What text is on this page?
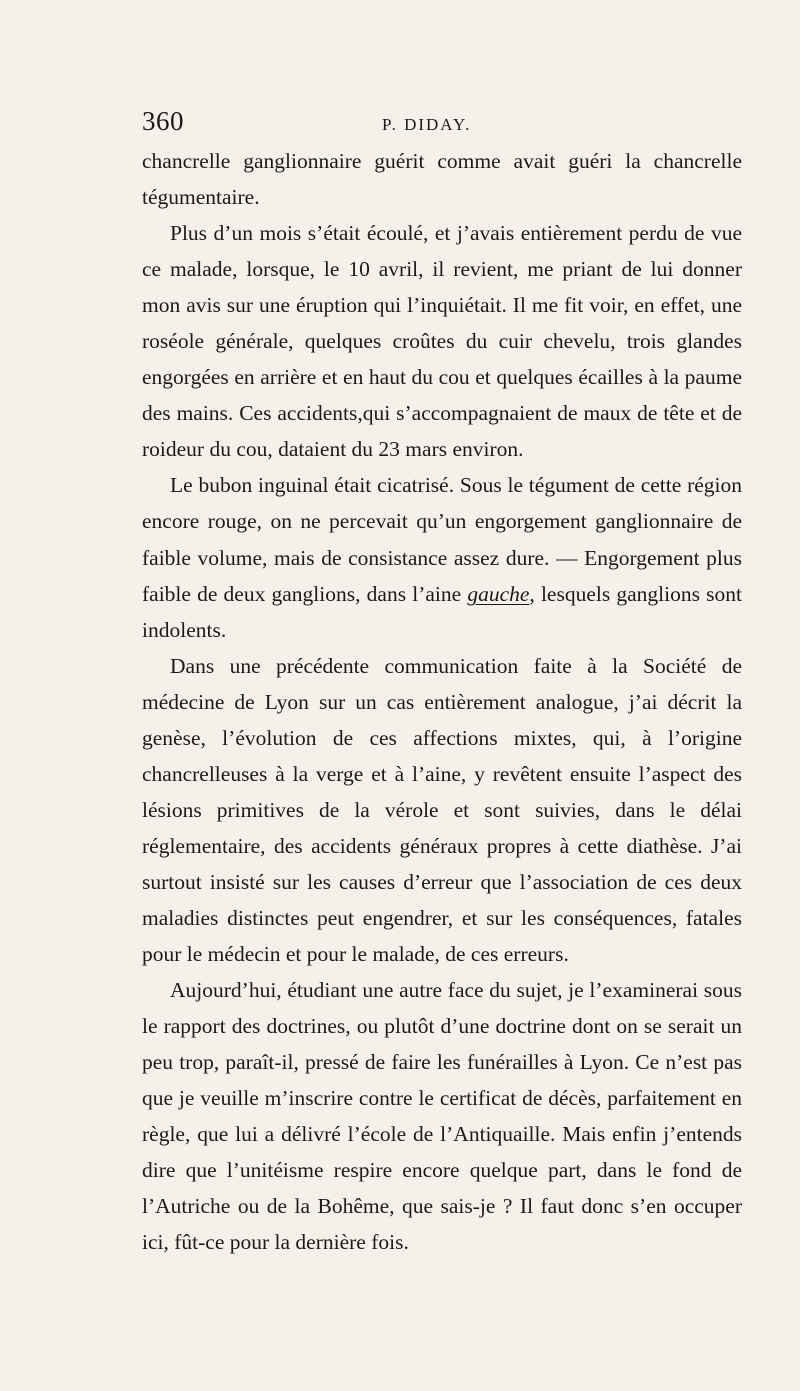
360	P. DIDAY.

chancrelle ganglionnaire guérit comme avait guéri la chancrelle tégumentaire.

Plus d’un mois s’était écoulé, et j’avais entièrement perdu de vue ce malade, lorsque, le 10 avril, il revient, me priant de lui donner mon avis sur une éruption qui l’inquiétait. Il me fit voir, en effet, une roséole générale, quelques croûtes du cuir chevelu, trois glandes engorgées en arrière et en haut du cou et quelques écailles à la paume des mains. Ces accidents,qui s’accompagnaient de maux de tête et de roideur du cou, dataient du 23 mars environ.

Le bubon inguinal était cicatrisé. Sous le tégument de cette région encore rouge, on ne percevait qu’un engorgement ganglionnaire de faible volume, mais de consistance assez dure. — Engorgement plus faible de deux ganglions, dans l’aine gauche, lesquels ganglions sont indolents.

Dans une précédente communication faite à la Société de médecine de Lyon sur un cas entièrement analogue, j’ai décrit la genèse, l’évolution de ces affections mixtes, qui, à l’origine chancrelleuses à la verge et à l’aine, y revêtent ensuite l’aspect des lésions primitives de la vérole et sont suivies, dans le délai réglementaire, des accidents généraux propres à cette diathèse. J’ai surtout insisté sur les causes d’erreur que l’association de ces deux maladies distinctes peut engendrer, et sur les conséquences, fatales pour le médecin et pour le malade, de ces erreurs.

Aujourd’hui, étudiant une autre face du sujet, je l’examinerai sous le rapport des doctrines, ou plutôt d’une doctrine dont on se serait un peu trop, paraît-il, pressé de faire les funérailles à Lyon. Ce n’est pas que je veuille m’inscrire contre le certificat de décès, parfaitement en règle, que lui a délivré l’école de l’Antiquaille. Mais enfin j’entends dire que l’unitéisme respire encore quelque part, dans le fond de l’Autriche ou de la Bohême, que sais-je ? Il faut donc s’en occuper ici, fût-ce pour la dernière fois.
